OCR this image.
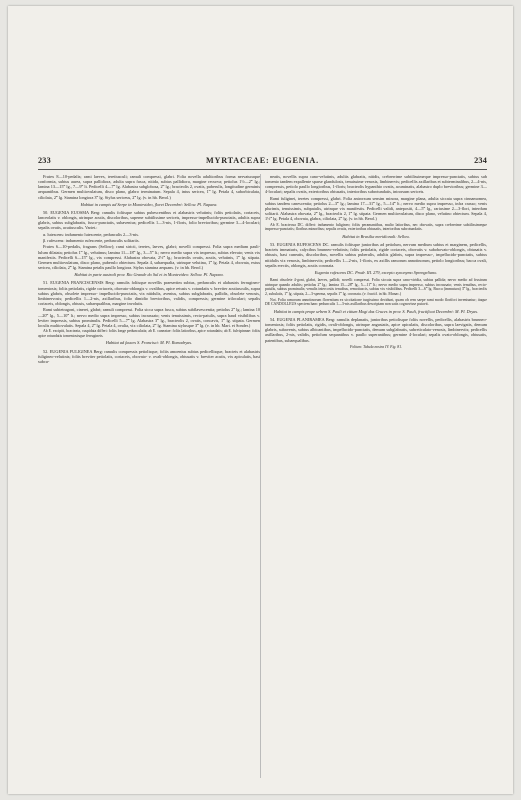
233	MYRTACEAE: EUGENIA.	234

Frutex 8—10-pedalis; rami laeves, teretiusculi; ramuli compressi, glabri. Folia novella adultioribus forma nervaturaque conformia, subtus aurea, supra pallidiora, adulta supra fusca, nitida, subtus pallidiora, margine recurva; petiolus 1½—2‴ lg.; lamina 13—15‴ lg., 7—9‴ lt. Pedicelli 4—7‴ lg. Alabastra subglobosa, 2‴ lg.; bracteolis 2, ovatis, puberulis, longitudine germinis aequantibus. Germen multiovulatum, disco plano, glabro terminatum. Sepala 4, intus sericea, 1‴ lg. Petala 4, suborbiculata, ciliolata, 2‴ lg. Stamina longiora 3‴ lg. Stylus sericeus, 2‴ lg. (v. in hb. Berol.)

Habitat in campis ad Serpe in Montevideo, floret Decembri: Sellow. Pl. Napaea.

50. EUGENIA EUOSMA Berg: ramulis foliisque subtus pubescentibus et alabastris velutinis; foliis petiolatis, coriaceis, lanceolatis v. oblongis, utrinque acutis, discoloribus, superne subtilissime sericeis, impresso-impellucido-punctatis, adultis supra glabris, subtus subglabratis, fusco-punctatis, subavenius; pedicellis 1—3-nis, 1-floris, folio brevioribus; germine 3—4-loculari; sepalis ovatis, acutiusculis. Variet.:

α. lutescens: indumento lutescente, pedunculis 2—3-nis.

β. rufescens: indumento rufescente, pedunculis solitariis.

Frutex 6—10-pedalis, fragrans (Sellow); rami stricti, teretes, laeves, glabri; novelli compressi. Folia supra medium pauli- lulum dilatata; petiolus 1‴ lg., velutinus; lamina 11—18‴ lg., 3—5‴ lt.; nervo medio supra vix impresso, subtus elevato; venis vix manifestis. Pedicelli 6—15‴ lg., vix compressi. Alabastra obovata, 2½‴ lg.; bracteolis ovatis, acutis, velutinis, 1‴ lg. stipata. Germen multiovulatum, disco plano, puberulo obtectum. Sepala 4, subaequalia, utrinque velutina, 1‴ lg. Petala 4, obovata, extus sericea, ciliolata, 2‴ lg. Stamina petalis paullo longiora. Stylus stamina aequans. (v. in hb. Berol.)

Habitat in parte australi prov. Rio Grande do Sul et in Montevideo: Sellow. Pl. Napaea.

51. EUGENIA FRANCISCENSIS Berg: ramulis foliisque novellis praesertim subtus, pedunculis et alabastris ferrugineo-tomentosis; foliis petiolatis, rigide coriaceis, obovato-oblongis v. ovalibus, apice retusis v. rotundatis v. breviter acutiusculis, supra subtus glabris, obsolete impresso- impellucido-punctatis, vix nitidulis, avenius, subtus subglabratis, pallidis, obsolete venosis, limbinervosis; pedicellis 1—2-nis, axillaribus, folio dimidio brevioribus, validis, compressis; germine triloculari; sepalis coriaceis, oblongis, obtusis, subaequalibus, margine involutis.

Rami subtetragoni, cinerei, glabri; ramuli compressi. Folia sicca supra fusca, subtus subflavescentia; petiolus 2‴ lg.; lamina 10—20‴ lg., 5—10‴ lt.; nervo medio supra impresso, subtus incrassato; venis tenuissimis, recto-patulis, supra haud visibilibus v. leviter impressis, subtus prominulis. Pedicelli 5—7‴ lg. Alabastra 3‴ lg., bracteolis 2, ovatis, concavis, 1‴ lg. stipata. Germen loculis multiovulatis. Sepala 4, 2‴ lg. Petala 4, ovalia, vix ciliolata, 2‴ lg. Stamina stylusque 3‴ lg. (v. in hb. Mart. et Sonder.)

Ab E. excipiti, bracteata, cuspidata differt: foliis longe pedunculatis; ab E. cuneatae: foliis latioribus, apice rotundatis; ab E. fulvipinnae: foliis apice rotundatis tomentosisque ferrugineis.

Habitat ad fauces S. Francisci: M. Pl. Romadryas.

52. EUGENIA FULIGINEA Berg: ramulis compressis petiolisque, foliis amoenius subtus pedicellisque, bracteis et alabastris fuligineo-velutinis; foliis breviter petiolatis, coriaceis, obovato- v. ovali-oblongis, obtusatis v. breviter acutis, vix apiculatis, basi subcu-

neatis, novellis supra cano-velutinis, adultis glabratis, nitidis, crebrerrime subtilissimeque impresso-punctatis, subtus sub tomento tandem expallente sparse glandulosis, tenuissime venosis, limbinervis; pedicellis axillaribus et subterminalibus, 2—4-nis, compressis, petiolo paullo longioribus, 1-floris; bracteolis hypanthio ovatis, acuminatis, alabastro duplo brevioribus; germine 3—4-loculari; sepalis ovatis, exterioribus obtusatis, interioribus subrotundatis, introrsum sericeis.

Rami fuliginei, teretes compressi, glabri. Folia antrorsum sensim minora, margine plana, adulta siccata supra cinnamomea, subtus tandem canescentia; petiolus 2—3‴ lg.; lamina 17—31‴ lg., 5—14‴ lt.; nervo medio supra impresso, infra crasso; venis plurimis, tenuissimis, subpatulis, utrinque vix manifestis. Pedicelli validi, antepositi, 4—5‴ lg., rariusime 2—3-flori, interdum solitarii. Alabastra obovata, 2‴ lg., bracteolis 2, 1‴ lg. stipata. Germen multiovulatum, disco plano, velutino obtectum. Sepala 4, 1½‴ lg. Petala 4, obovata, glabra, ciliolata, 2‴ lg. (v. in hb. Berol.)

Ab E. bracteosa DC. differt: indumento fuligineo; foliis peramantibus, multo latioribus, nec obovatis, supra crebrerime subtilissimeque impresso-punctatis; floribus minoribus; sepalis ovatis, exterioribus obtusatis, interioribus subrotundatis.

Habitat in Brasilia meridionali: Sellow.

53. EUGENIA RUFESCENS DC. ramulis foliisque junioribus ad petiolum, nervum medium subtus et marginem, pedicellis, bracteis immaturis, calycibus brunneo-velutinis; foliis petiolatis, rigide coriaceis, obovatis v. subobovato-oblongis, obtusatis v. obtusis, basi cuneatis, discoloribus, novellis subtus puberulis, adultis glabris, supra impresso-, impellucido-punctatis, subtus nitidulis vix venosis, limbinerviis; pedicellis 1—2-nis, 1-floris, ex axillis ramorum annotinorum, petiolo longioribus; bacca ovali, sepalis erectis, oblongis, acutis coronata.

Eugenia rufescens DC. Prodr. III. 279, excepto synonymo Sprengeliano.

Rami obsolete 4-goni, glabri, laeves, pallidi; novelli compressi. Folia siccata supra cano-viridia, subtus pallida; nervo medio ad frustrum utrinque quando adultis; petiolus 2‴ lg.; lamina 15—28‴ lg., 5—11‴ lt.; nervo medio supra impresso, subtus incrassato; venis tenuibus, recto-patulis, subtus prominulis; venulis intercostis tenuibus, remotiuscis, subtus vix visibilibus. Pedicelli 3—6‴ lg. Bacca (immatura) 3‴ lg., bracteolis 2, subulatis, 1‴ lg. stipata, 2—3-sperma, sepalis 1‴ lg. coronata. (v. fructif. in hb. Monac.)

Not. Folia ramorum annotinorum florentium ex siccitatione turgissimo decidunt, quam ob rem saepe rami modo florifori inveniuntur; itaque DE CANDOLLEUS speciem hanc pedunculis 1—3-nis axillaribus descriptam non satis cognovisse putavit.

Habitat in campis prope urbem S. Pauli et citium Mogi das Cruces in prov. S. Pauli, fructificat Decembri: M. Pl. Dryas.

54. EUGENIA PLANIRAMEA Berg: ramulis deplanatis, junioribus petiolisque foliis novellis, pedicellis, alabastris brunneo-tomentosis; foliis petiolatis, rigidis, ovali-oblongis, utrinque angustatis, apice apiculatis, discoloribus, supra laevigatis, demum glabris, subavenis, subtus albicantibus, impellucido-punctatis, demum subglabratis, subreticulato-venosis, limbinerviis; pedicellis axillaribus, 2-nis, validis, petiolum sequantibus v. paullo superantibus; germine 4-loculari; sepalis ovato-oblongis, obtusatis, patentibus, subaequalibus.

Folium: Tabula nostra IV. Fig. 81.
